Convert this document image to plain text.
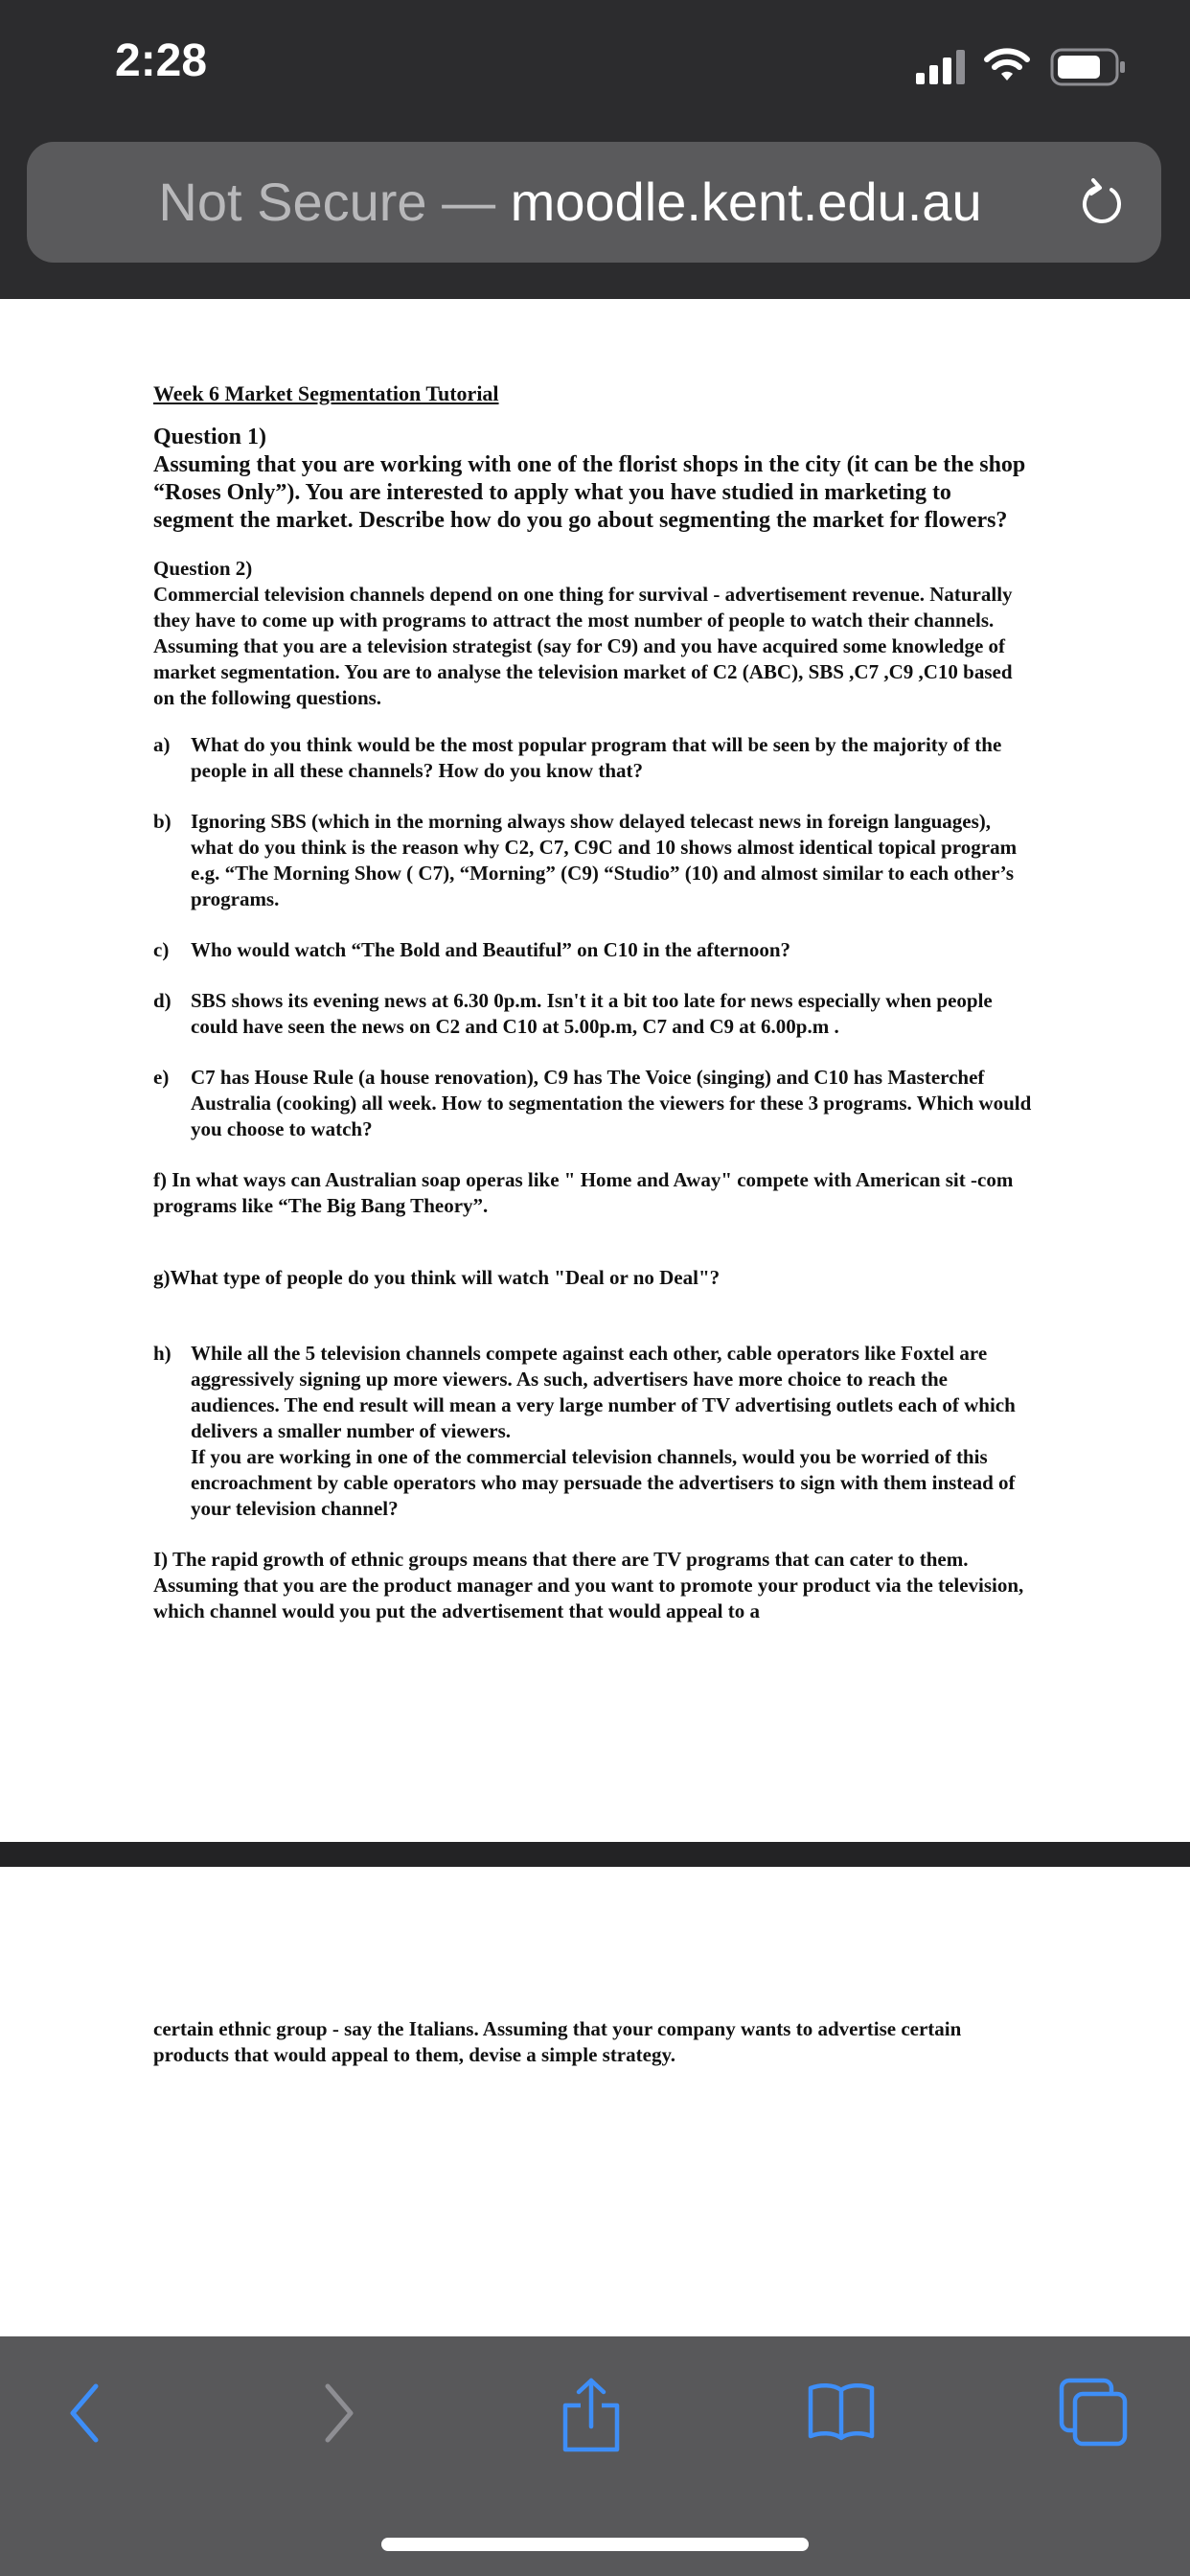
2:28
Not Secure — moodle.kent.edu.au

Week 6 Market Segmentation Tutorial

Question 1)

Assuming that you are working with one of the florist shops in the city (it can be the shop “Roses Only”). You are interested to apply what you have studied in marketing to segment the market. Describe how do you go about segmenting the market for flowers?

Question 2)

Commercial television channels depend on one thing for survival - advertisement revenue. Naturally they have to come up with programs to attract the most number of people to watch their channels. Assuming that you are a television strategist (say for C9) and you have acquired some knowledge of market segmentation. You are to analyse the television market of C2 (ABC), SBS ,C7 ,C9 ,C10 based on the following questions.

a)	What do you think would be the most popular program that will be seen by the majority of the people in all these channels? How do you know that?
b) Ignoring SBS (which in the morning always show delayed telecast news in foreign languages), what do you think is the reason why C2, C7, C9C and 10 shows almost identical topical program e.g. “The Morning Show ( C7), “Morning” (C9) “Studio” (10) and almost similar to each other’s programs.
c)	Who would watch “The Bold and Beautiful” on C10 in the afternoon?
d) SBS shows its evening news at 6.30 0p.m. Isn't it a bit too late for news especially when people could have seen the news on C2 and C10 at 5.00p.m, C7 and C9 at 6.00p.m .
e)	C7 has House Rule (a house renovation), C9 has The Voice (singing) and C10 has Masterchef Australia (cooking) all week. How to segmentation the viewers for these 3 programs. Which would you choose to watch?

f) In what ways can Australian soap operas like " Home and Away" compete with American sit -com programs like “The Big Bang Theory”.

g)What type of people do you think will watch "Deal or no Deal"?

h) While all the 5 television channels compete against each other, cable operators like Foxtel are aggressively signing up more viewers. As such, advertisers have more choice to reach the audiences. The end result will mean a very large number of TV advertising outlets each of which delivers a smaller number of viewers.
If you are working in one of the commercial television channels, would you be worried of this encroachment by cable operators who may persuade the advertisers to sign with them instead of your television channel?

I) The rapid growth of ethnic groups means that there are TV programs that can cater to them. Assuming that you are the product manager and you want to promote your product via the television, which channel would you put the advertisement that would appeal to a

certain ethnic group - say the Italians. Assuming that your company wants to advertise certain products that would appeal to them, devise a simple strategy.
